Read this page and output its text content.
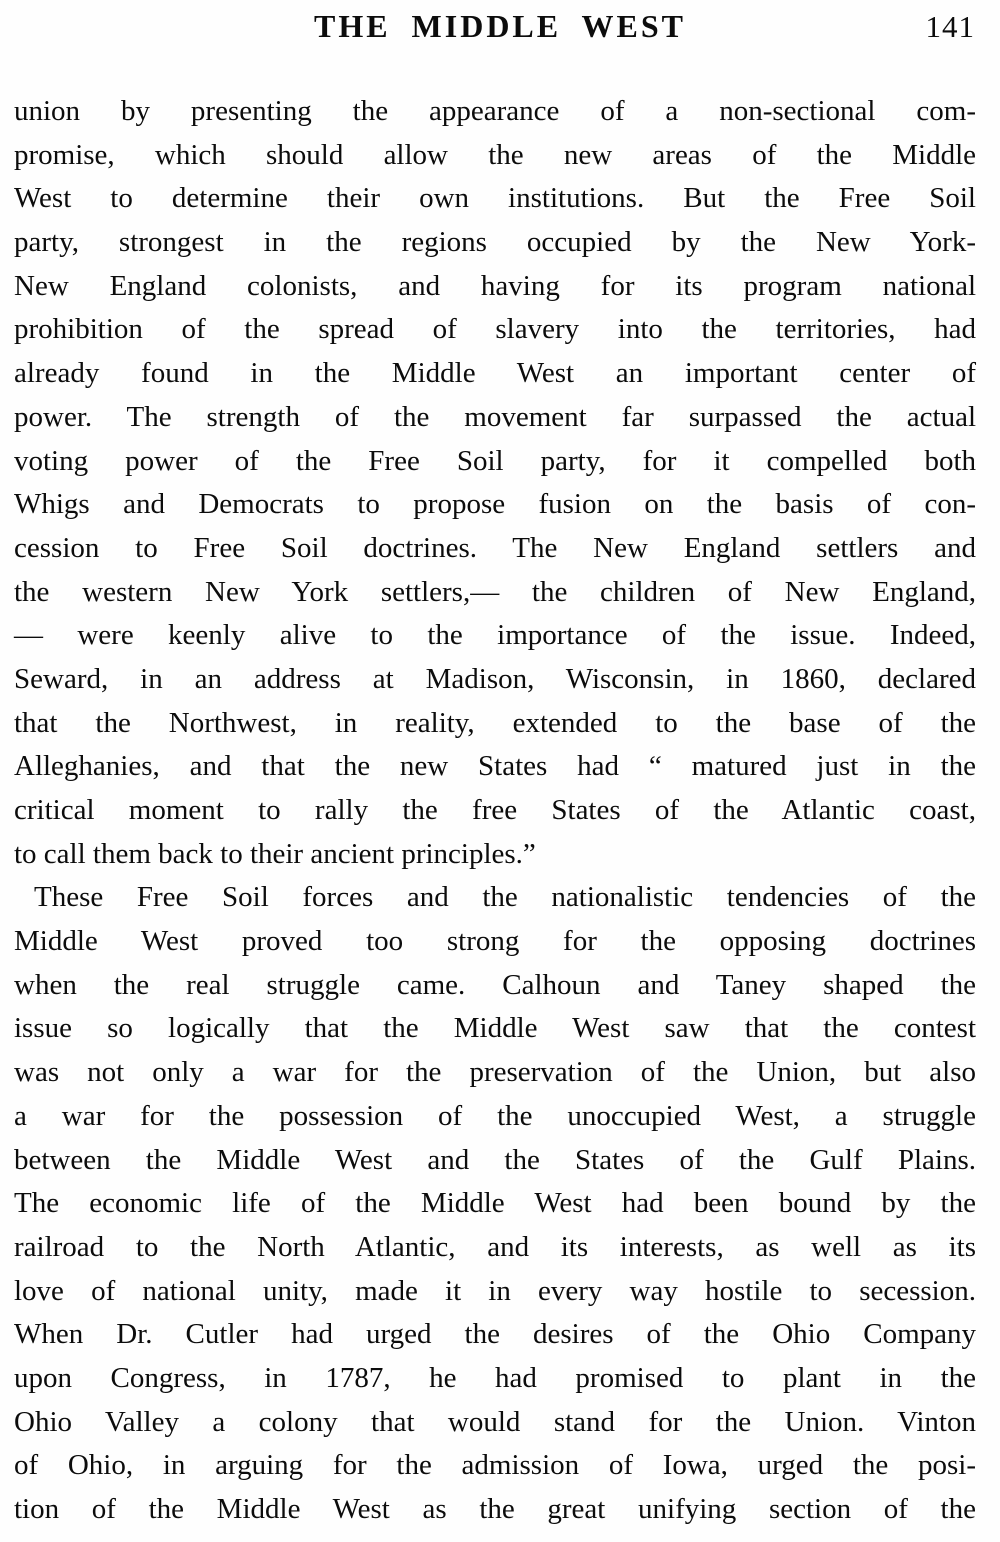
THE MIDDLE WEST	141
union by presenting the appearance of a non-sectional com-
promise, which should allow the new areas of the Middle
West to determine their own institutions. But the Free Soil
party, strongest in the regions occupied by the New York-
New England colonists, and having for its program national
prohibition of the spread of slavery into the territories, had
already found in the Middle West an important center of
power. The strength of the movement far surpassed the actual
voting power of the Free Soil party, for it compelled both
Whigs and Democrats to propose fusion on the basis of con-
cession to Free Soil doctrines. The New England settlers and
the western New York settlers,— the children of New England,
— were keenly alive to the importance of the issue. Indeed,
Seward, in an address at Madison, Wisconsin, in 1860, declared
that the Northwest, in reality, extended to the base of the
Alleghanies, and that the new States had “ matured just in the
critical moment to rally the free States of the Atlantic coast,
to call them back to their ancient principles.”
These Free Soil forces and the nationalistic tendencies of the
Middle West proved too strong for the opposing doctrines
when the real struggle came. Calhoun and Taney shaped the
issue so logically that the Middle West saw that the contest
was not only a war for the preservation of the Union, but also
a war for the possession of the unoccupied West, a struggle
between the Middle West and the States of the Gulf Plains.
The economic life of the Middle West had been bound by the
railroad to the North Atlantic, and its interests, as well as its
love of national unity, made it in every way hostile to secession.
When Dr. Cutler had urged the desires of the Ohio Company
upon Congress, in 1787, he had promised to plant in the
Ohio Valley a colony that would stand for the Union. Vinton
of Ohio, in arguing for the admission of Iowa, urged the posi-
tion of the Middle West as the great unifying section of the
